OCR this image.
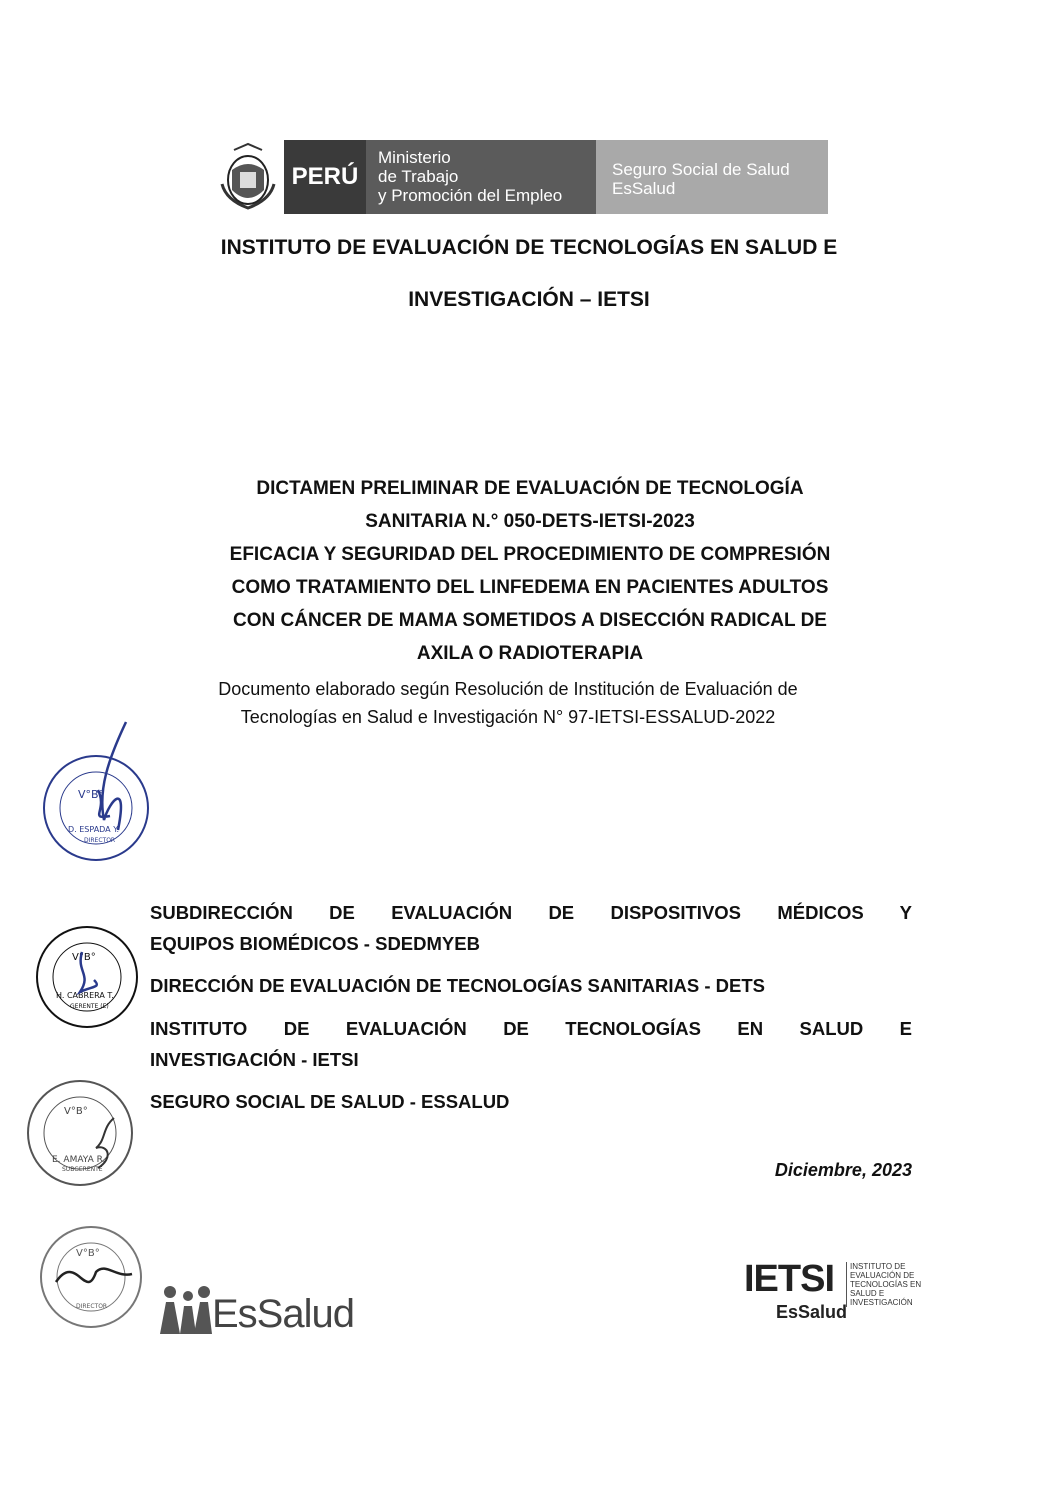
PERÚ
Ministerio
de Trabajo
y Promoción del Empleo
Seguro Social de Salud
EsSalud
INSTITUTO DE EVALUACIÓN DE TECNOLOGÍAS EN SALUD E
INVESTIGACIÓN – IETSI
DICTAMEN PRELIMINAR DE EVALUACIÓN DE TECNOLOGÍA
SANITARIA N.° 050-DETS-IETSI-2023
EFICACIA Y SEGURIDAD DEL PROCEDIMIENTO DE COMPRESIÓN
COMO TRATAMIENTO DEL LINFEDEMA EN PACIENTES ADULTOS
CON CÁNCER DE MAMA SOMETIDOS A DISECCIÓN RADICAL DE
AXILA O RADIOTERAPIA
Documento elaborado según Resolución de Institución de Evaluación de
Tecnologías en Salud e Investigación N° 97-IETSI-ESSALUD-2022
SUBDIRECCIÓN DE EVALUACIÓN DE DISPOSITIVOS MÉDICOS Y
EQUIPOS BIOMÉDICOS - SDEDMYEB
DIRECCIÓN DE EVALUACIÓN DE TECNOLOGÍAS SANITARIAS - DETS
INSTITUTO DE EVALUACIÓN DE TECNOLOGÍAS EN SALUD E
INVESTIGACIÓN - IETSI
SEGURO SOCIAL DE SALUD - ESSALUD
Diciembre, 2023
V°B°
D. ESPADA Y.
DIRECTOR
V°B°
H. CABRERA T.
GERENTE (E)
V°B°
E. AMAYA R.
SUBGERENTE
V°B°
DIRECTOR	EsSalud
IETSI
EsSalud
INSTITUTO DE
EVALUACIÓN DE
TECNOLOGÍAS EN
SALUD E
INVESTIGACIÓN
